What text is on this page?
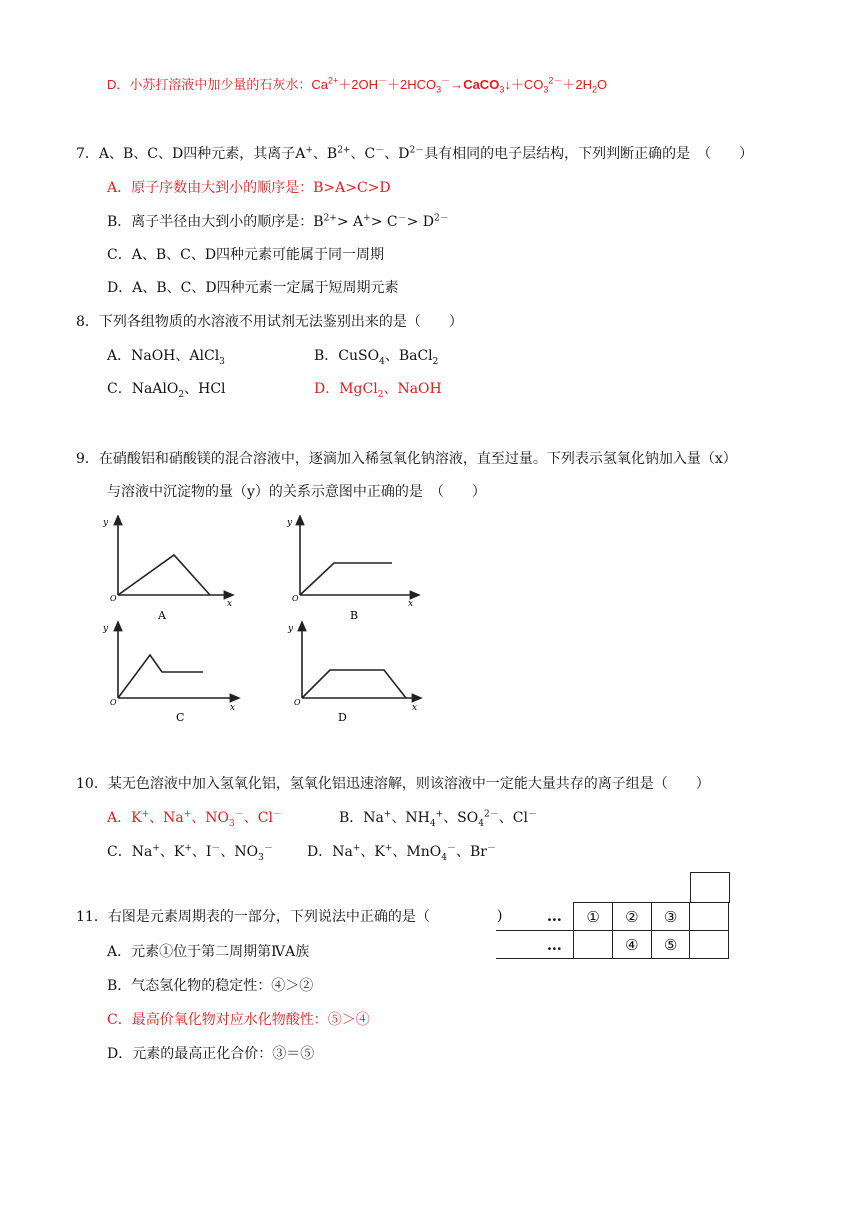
D．小苏打溶液中加少量的石灰水：$Ca^{2+}+2OH^-+2HCO_3^-\to CaCO_3↓+CO_3^{2-}+2H_2O$
7．A、B、C、D四种元素，其离子A+、$B^{2+}$、C－、$D^{2-}$具有相同的电子层结构，下列判断正确的是　（　　）
A．原子序数由大到小的顺序是：B>A>C>D
B．离子半径由大到小的顺序是：$B^{2+}> A^+> C^-> D^{2-}$
C．A、B、C、D四种元素可能属于同一周期
D．A、B、C、D四种元素一定属于短周期元素
8．下列各组物质的水溶液不用试剂无法鉴别出来的是（　　）
A．NaOH、AlCl$_3$	B．CuSO$_4$、BaCl$_2$
C．NaAlO$_2$、HCl	D．MgCl$_2$、NaOH
9．在硝酸铝和硝酸镁的混合溶液中，逐滴加入稀氢氧化钠溶液，直至过量。下列表示氢氧化钠加入量（x）
与溶液中沉淀物的量（y）的关系示意图中正确的是　（　　）
y
x
O
A
y
x
O
B
y
x
O
C
y
x
O
D
10．某无色溶液中加入氢氧化铝，氢氧化铝迅速溶解，则该溶液中一定能大量共存的离子组是（　　）
A．K+、Na+、$NO_3^-$、Cl－	B．Na+、$NH_4^+$、$SO_4^{2-}$、Cl－
C．Na+、K+、I－、$NO_3^-$ D．Na+、K+、MnO$_4$－、Br－
11．右图是元素周期表的一部分，下列说法中正确的是（
A．元素①位于第二周期第ⅣA族
B．气态氢化物的稳定性：④＞②
C．最高价氧化物对应水化物酸性：⑤＞④
D．元素的最高正化合价：③＝⑤
)
		…	①	②	③	
	…		④	⑤	
